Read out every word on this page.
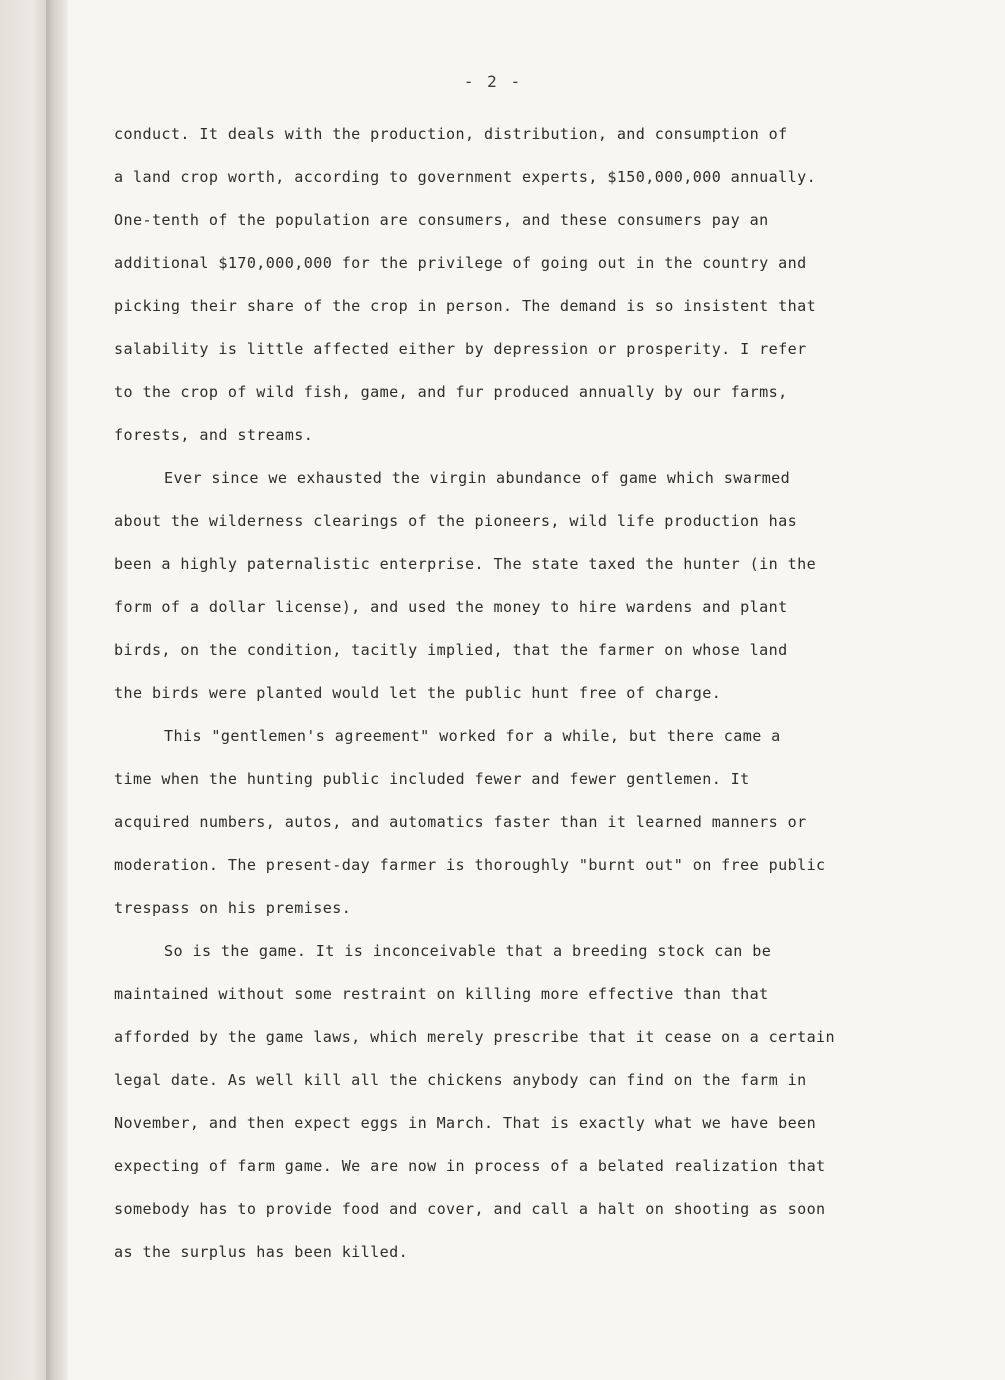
- 2 -
conduct. It deals with the production, distribution, and consumption of
a land crop worth, according to government experts, $150,000,000 annually.
One-tenth of the population are consumers, and these consumers pay an
additional $170,000,000 for the privilege of going out in the country and
picking their share of the crop in person. The demand is so insistent that
salability is little affected either by depression or prosperity. I refer
to the crop of wild fish, game, and fur produced annually by our farms,
forests, and streams.
Ever since we exhausted the virgin abundance of game which swarmed
about the wilderness clearings of the pioneers, wild life production has
been a highly paternalistic enterprise. The state taxed the hunter (in the
form of a dollar license), and used the money to hire wardens and plant
birds, on the condition, tacitly implied, that the farmer on whose land
the birds were planted would let the public hunt free of charge.
This "gentlemen's agreement" worked for a while, but there came a
time when the hunting public included fewer and fewer gentlemen. It
acquired numbers, autos, and automatics faster than it learned manners or
moderation. The present-day farmer is thoroughly "burnt out" on free public
trespass on his premises.
So is the game. It is inconceivable that a breeding stock can be
maintained without some restraint on killing more effective than that
afforded by the game laws, which merely prescribe that it cease on a certain
legal date. As well kill all the chickens anybody can find on the farm in
November, and then expect eggs in March. That is exactly what we have been
expecting of farm game. We are now in process of a belated realization that
somebody has to provide food and cover, and call a halt on shooting as soon
as the surplus has been killed.
